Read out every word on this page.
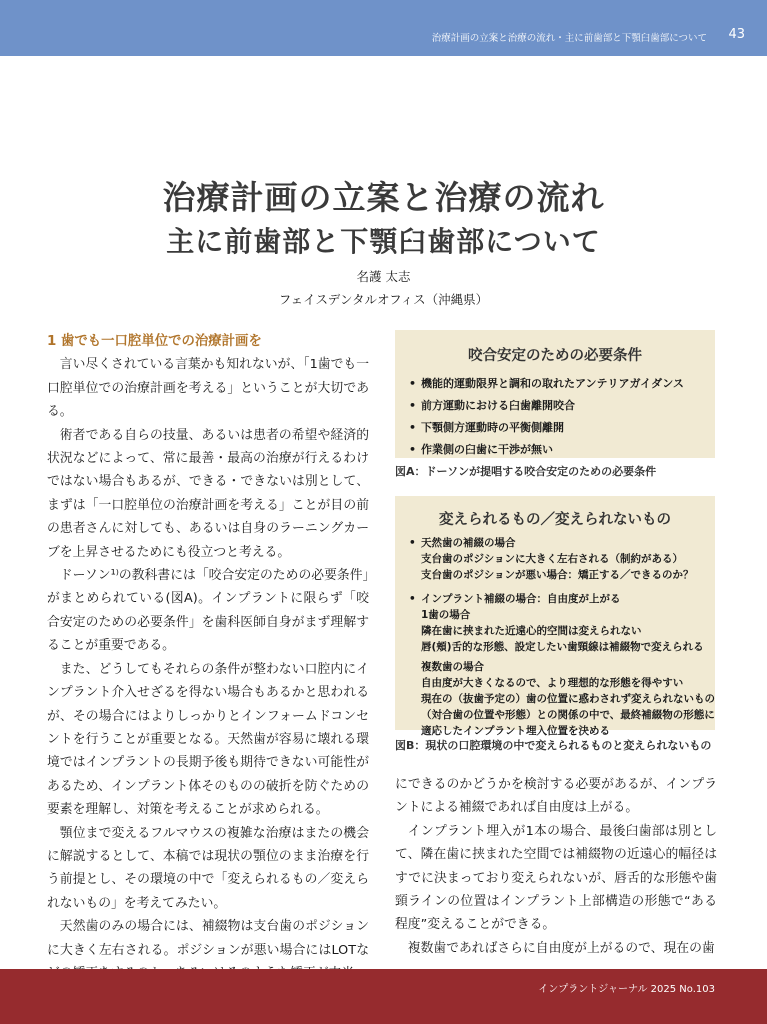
治療計画の立案と治療の流れ・主に前歯部と下顎臼歯部について 43
治療計画の立案と治療の流れ
主に前歯部と下顎臼歯部について
名護 太志
フェイスデンタルオフィス（沖縄県）
1 歯でも一口腔単位での治療計画を

言い尽くされている言葉かも知れないが、「1歯でも一口腔単位での治療計画を考える」ということが大切である。

術者である自らの技量、あるいは患者の希望や経済的状況などによって、常に最善・最高の治療が行えるわけではない場合もあるが、できる・できないは別として、まずは「一口腔単位の治療計画を考える」ことが目の前の患者さんに対しても、あるいは自身のラーニングカーブを上昇させるためにも役立つと考える。

ドーソン¹⁾の教科書には「咬合安定のための必要条件」がまとめられている(図A)。インプラントに限らず「咬合安定のための必要条件」を歯科医師自身がまず理解することが重要である。

また、どうしてもそれらの条件が整わない口腔内にインプラント介入せざるを得ない場合もあるかと思われるが、その場合にはよりしっかりとインフォームドコンセントを行うことが重要となる。天然歯が容易に壊れる環境ではインプラントの長期予後も期待できない可能性があるため、インプラント体そのものの破折を防ぐための要素を理解し、対策を考えることが求められる。

顎位まで変えるフルマウスの複雑な治療はまたの機会に解説するとして、本稿では現状の顎位のまま治療を行う前提とし、その環境の中で「変えられるもの／変えられないもの」を考えてみたい。

天然歯のみの場合には、補綴物は支台歯のポジションに大きく左右される。ポジションが悪い場合にはLOTな

咬合安定のための必要条件
• 機能的運動限界と調和の取れたアンテリアガイダンス
• 前方運動における臼歯離開咬合
• 下顎側方運動時の平衡側離開
• 作業側の臼歯に干渉が無い
図A：ドーソンが提唱する咬合安定のための必要条件
変えられるもの／変えられないもの
• 天然歯の補綴の場合
支台歯のポジションに大きく左右される（制約がある）
支台歯のポジションが悪い場合：矯正する／できるのか？
• インプラント補綴の場合：自由度が上がる
1歯の場合
隣在歯に挟まれた近遠心的空間は変えられない
唇(頬)舌的な形態、設定したい歯頸線は補綴物で変えられる
複数歯の場合
自由度が大きくなるので、より理想的な形態を得やすい
現在の（抜歯予定の）歯の位置に惑わされず変えられないもの
（対合歯の位置や形態）との関係の中で、最終補綴物の形態に
適応したインプラント埋入位置を決める
図B：現状の口腔環境の中で変えられるものと変えられないもの

にできるのかどうかを検討する必要があるが、インプラントによる補綴であれば自由度は上がる。

インプラント埋入が1本の場合、最後臼歯部は別として、隣在歯に挟まれた空間では補綴物の近遠心的幅径はすでに決まっており変えられないが、唇舌的な形態や歯頸ラインの位置はインプラント上部構造の形態で“ある程度”変えることができる。

複数歯であればさらに自由度が上がるので、現在の歯

インプラントジャーナル 2025 No.103
